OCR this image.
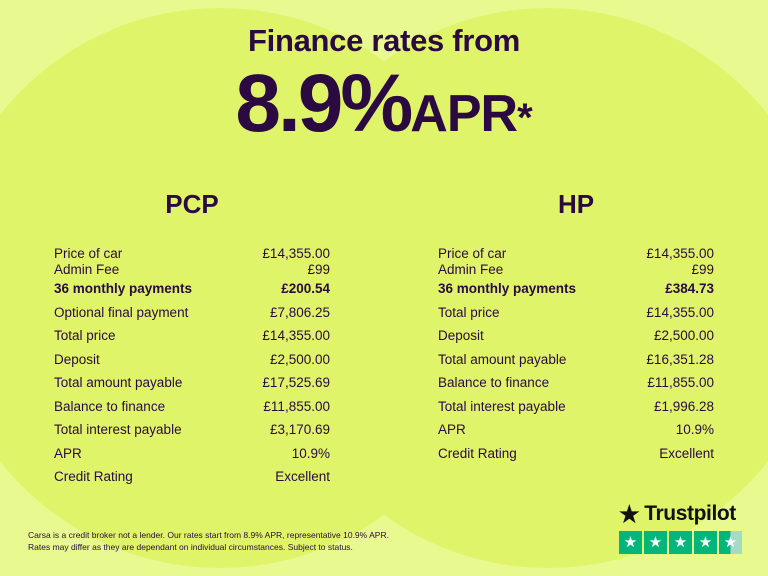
Finance rates from
8.9%APR*
PCP
Price of car	£14,355.00
Admin Fee	£99
36 monthly payments	£200.54
Optional final payment	£7,806.25
Total price	£14,355.00
Deposit	£2,500.00
Total amount payable	£17,525.69
Balance to finance	£11,855.00
Total interest payable	£3,170.69
APR	10.9%
Credit Rating	Excellent
HP
Price of car	£14,355.00
Admin Fee	£99
36 monthly payments	£384.73
Total price	£14,355.00
Deposit	£2,500.00
Total amount payable	£16,351.28
Balance to finance	£11,855.00
Total interest payable	£1,996.28
APR	10.9%
Credit Rating	Excellent
Carsa is a credit broker not a lender. Our rates start from 8.9% APR, representative 10.9% APR.
Rates may differ as they are dependant on individual circumstances. Subject to status.
★ Trustpilot
★ ★ ★ ★ ★
